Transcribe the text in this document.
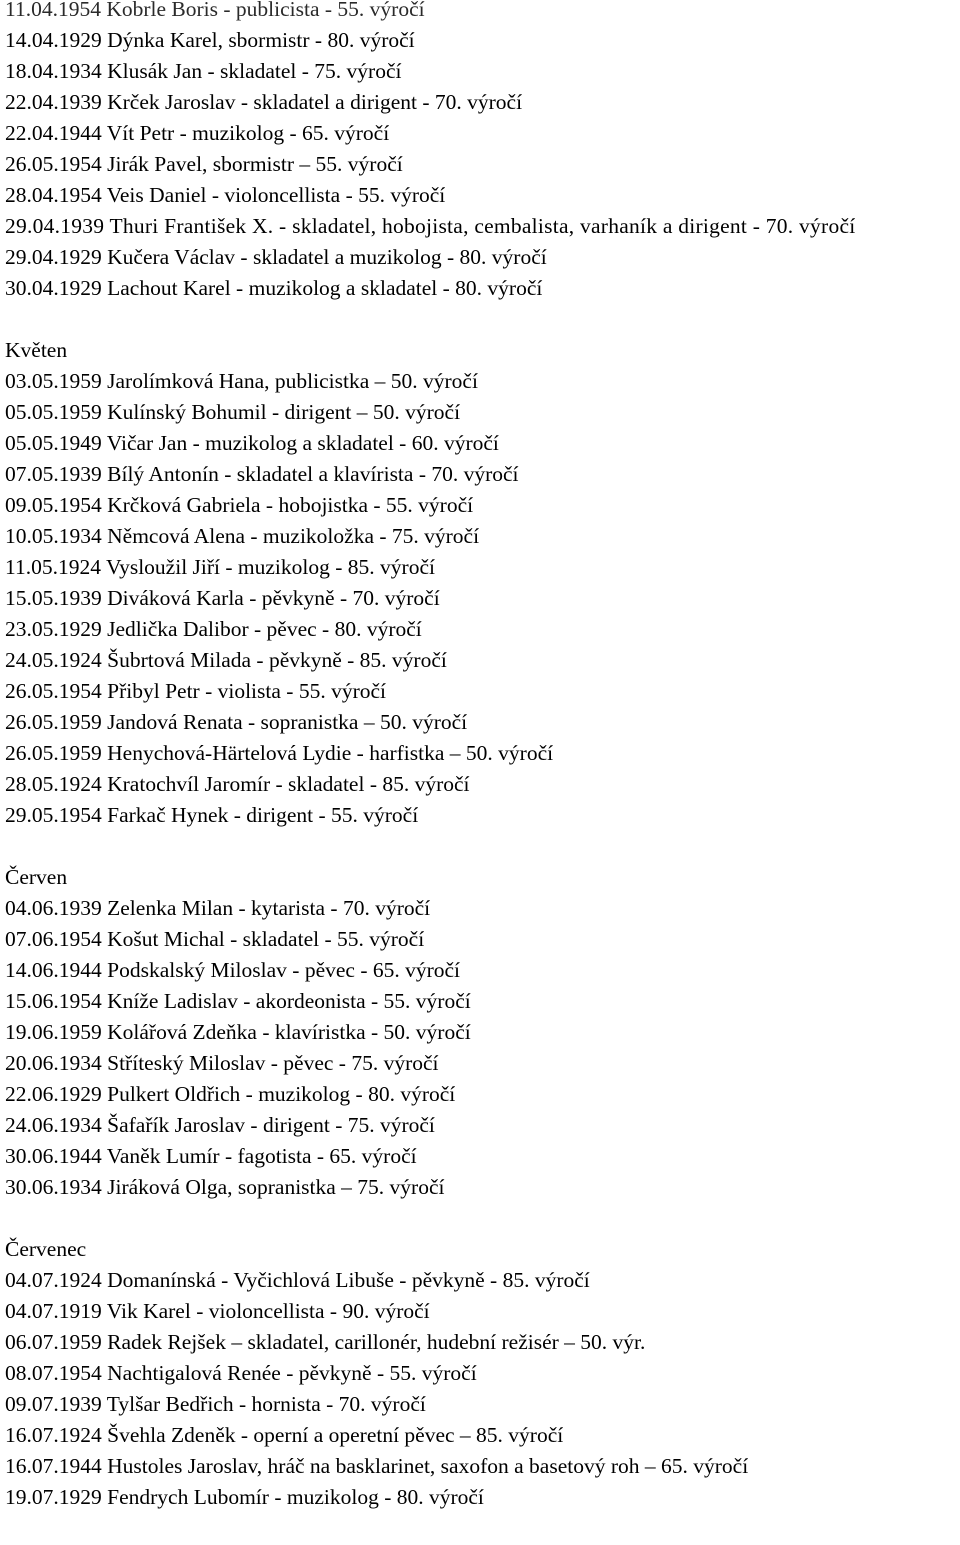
11.04.1954 Kobrle Boris - publicista - 55. výročí
14.04.1929 Dýnka Karel, sbormistr - 80. výročí
18.04.1934 Klusák Jan - skladatel - 75. výročí
22.04.1939 Krček Jaroslav - skladatel a dirigent - 70. výročí
22.04.1944 Vít Petr - muzikolog - 65. výročí
26.05.1954 Jirák Pavel, sbormistr – 55. výročí
28.04.1954 Veis Daniel - violoncellista - 55. výročí
29.04.1939 Thuri František X. - skladatel, hobojista, cembalista, varhaník a dirigent - 70. výročí
29.04.1929 Kučera Václav - skladatel a muzikolog - 80. výročí
30.04.1929 Lachout Karel - muzikolog a skladatel - 80. výročí
Květen
03.05.1959 Jarolímková Hana, publicistka – 50. výročí
05.05.1959 Kulínský Bohumil - dirigent – 50. výročí
05.05.1949 Vičar Jan - muzikolog a skladatel - 60. výročí
07.05.1939 Bílý Antonín - skladatel a klavírista - 70. výročí
09.05.1954 Krčková Gabriela - hobojistka - 55. výročí
10.05.1934 Němcová Alena - muzikoložka - 75. výročí
11.05.1924 Vysloužil Jiří - muzikolog - 85. výročí
15.05.1939 Diváková Karla - pěvkyně - 70. výročí
23.05.1929 Jedlička Dalibor - pěvec - 80. výročí
24.05.1924 Šubrtová Milada - pěvkyně - 85. výročí
26.05.1954 Přibyl Petr - violista - 55. výročí
26.05.1959 Jandová Renata - sopranistka – 50. výročí
26.05.1959 Henychová-Härtelová Lydie - harfistka – 50. výročí
28.05.1924 Kratochvíl Jaromír - skladatel - 85. výročí
29.05.1954 Farkač Hynek - dirigent - 55. výročí
Červen
04.06.1939 Zelenka Milan - kytarista - 70. výročí
07.06.1954 Košut Michal - skladatel - 55. výročí
14.06.1944 Podskalský Miloslav - pěvec - 65. výročí
15.06.1954 Kníže Ladislav - akordeonista - 55. výročí
19.06.1959 Kolářová Zdeňka - klavíristka - 50. výročí
20.06.1934 Stříteský Miloslav - pěvec - 75. výročí
22.06.1929 Pulkert Oldřich - muzikolog - 80. výročí
24.06.1934 Šafařík Jaroslav - dirigent - 75. výročí
30.06.1944 Vaněk Lumír - fagotista - 65. výročí
30.06.1934 Jiráková Olga, sopranistka – 75. výročí
Červenec
04.07.1924 Domanínská - Vyčichlová Libuše - pěvkyně - 85. výročí
04.07.1919 Vik Karel - violoncellista - 90. výročí
06.07.1959 Radek Rejšek – skladatel, carillonér, hudební režisér – 50. výr.
08.07.1954 Nachtigalová Renée - pěvkyně - 55. výročí
09.07.1939 Tylšar Bedřich - hornista - 70. výročí
16.07.1924 Švehla Zdeněk - operní a operetní pěvec – 85. výročí
16.07.1944 Hustoles Jaroslav, hráč na basklarinet, saxofon a basetový roh – 65. výročí
19.07.1929 Fendrych Lubomír - muzikolog - 80. výročí
